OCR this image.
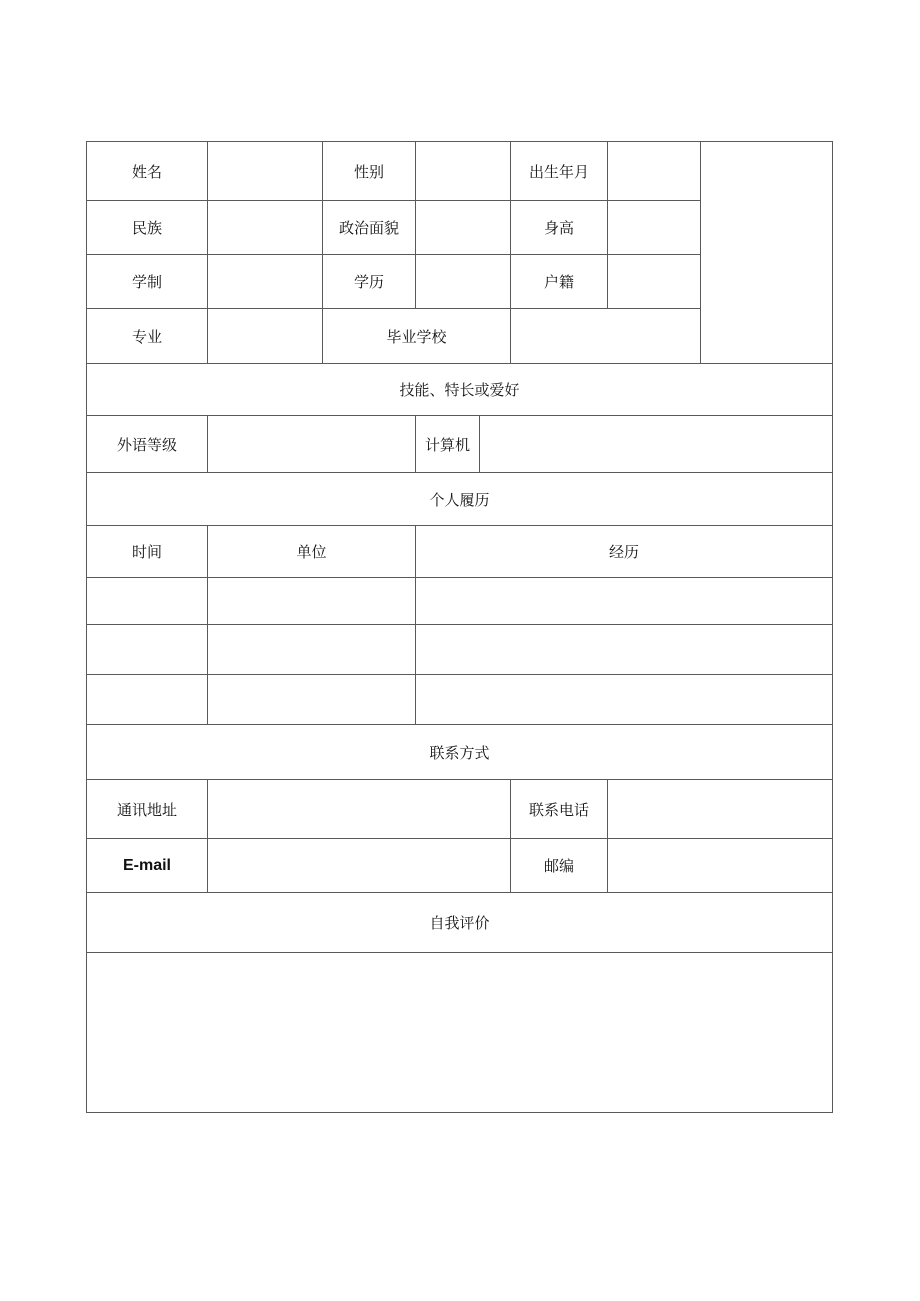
姓名		性别			出生年月		
民族		政治面貌			身高		
学制		学历			户籍		
专业		毕业学校					
技能、特长或爱好							
外语等级			计算机				
个人履历							
时间	单位		经历				

联系方式							
通讯地址					联系电话		
E-mail					邮编		
自我评价							
